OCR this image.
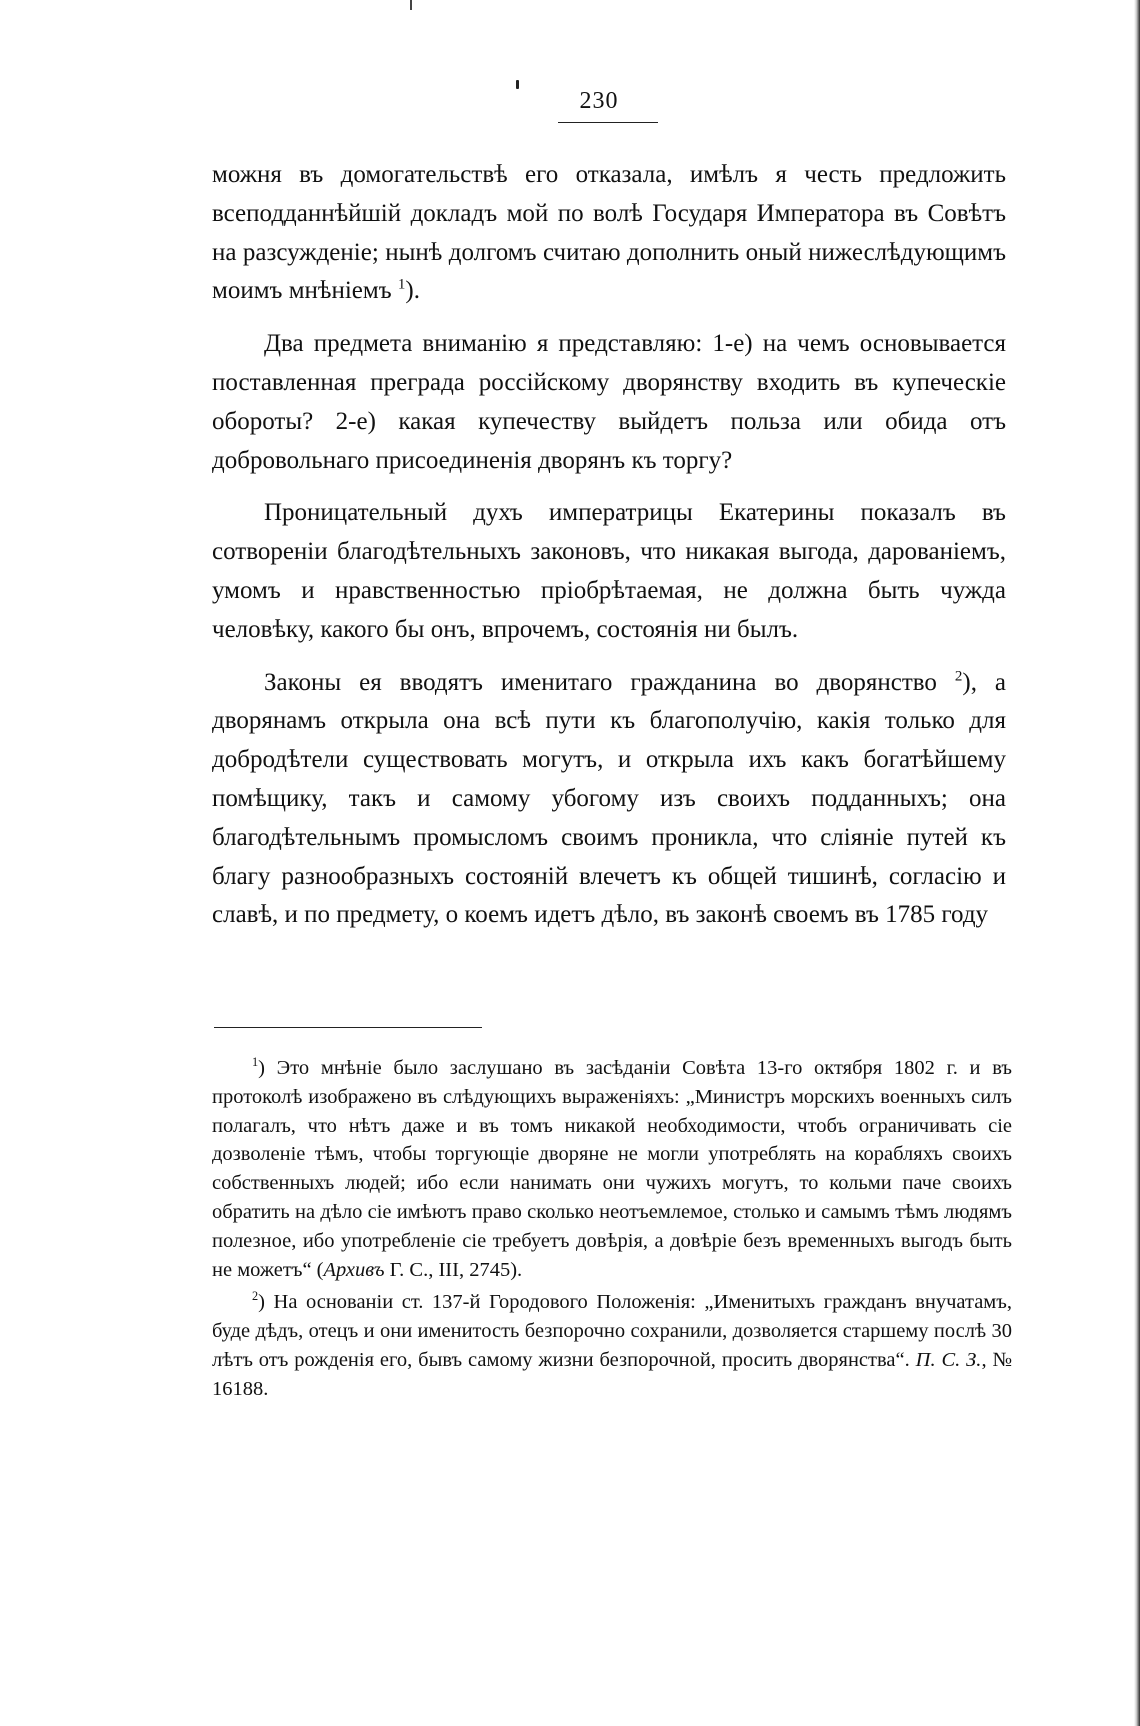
230

можня въ домогательствѣ его отказала, имѣлъ я честь предложить всеподданнѣйшій докладъ мой по волѣ Государя Императора въ Совѣтъ на разсужденіе; нынѣ долгомъ считаю дополнить оный нижеслѣдующимъ моимъ мнѣніемъ $^1$).

Два предмета вниманію я представляю: 1-е) на чемъ основывается поставленная преграда россійскому дворянству входить въ купеческіе обороты? 2-е) какая купечеству выйдетъ польза или обида отъ добровольнаго присоединенія дворянъ къ торгу?

Проницательный духъ императрицы Екатерины показалъ въ сотвореніи благодѣтельныхъ законовъ, что никакая выгода, дарованіемъ, умомъ и нравственностью пріобрѣтаемая, не должна быть чужда человѣку, какого бы онъ, впрочемъ, состоянія ни былъ.

Законы ея вводятъ именитаго гражданина во дворянство $^2$), а дворянамъ открыла она всѣ пути къ благополучію, какія только для добродѣтели существовать могутъ, и открыла ихъ какъ богатѣйшему помѣщику, такъ и самому убогому изъ своихъ подданныхъ; она благодѣтельнымъ промысломъ своимъ проникла, что сліяніе путей къ благу разнообразныхъ состояній влечетъ къ общей тишинѣ, согласію и славѣ, и по предмету, о коемъ идетъ дѣло, въ законѣ своемъ въ 1785 году

$^1$) Это мнѣніе было заслушано въ засѣданіи Совѣта 13-го октября 1802 г. и въ протоколѣ изображено въ слѣдующихъ выраженіяхъ: „Министръ морскихъ военныхъ силъ полагалъ, что нѣтъ даже и въ томъ никакой необходимости, чтобъ ограничивать сіе дозволеніе тѣмъ, чтобы торгующіе дворяне не могли употреблять на корабляхъ своихъ собственныхъ людей; ибо если нанимать они чужихъ могутъ, то кольми паче своихъ обратить на дѣло сіе имѣютъ право сколько неотъемлемое, столько и самымъ тѣмъ людямъ полезное, ибо употребленіе сіе требуетъ довѣрія, а довѣріе безъ временныхъ выгодъ быть не можетъ“ (Архивъ Г. С., III, 2745).

$^2$) На основаніи ст. 137-й Городового Положенія: „Именитыхъ гражданъ внучатамъ, буде дѣдъ, отецъ и они именитость безпорочно сохранили, дозволяется старшему послѣ 30 лѣтъ отъ рожденія его, бывъ самому жизни безпорочной, просить дворянства“. П. С. З., № 16188.
